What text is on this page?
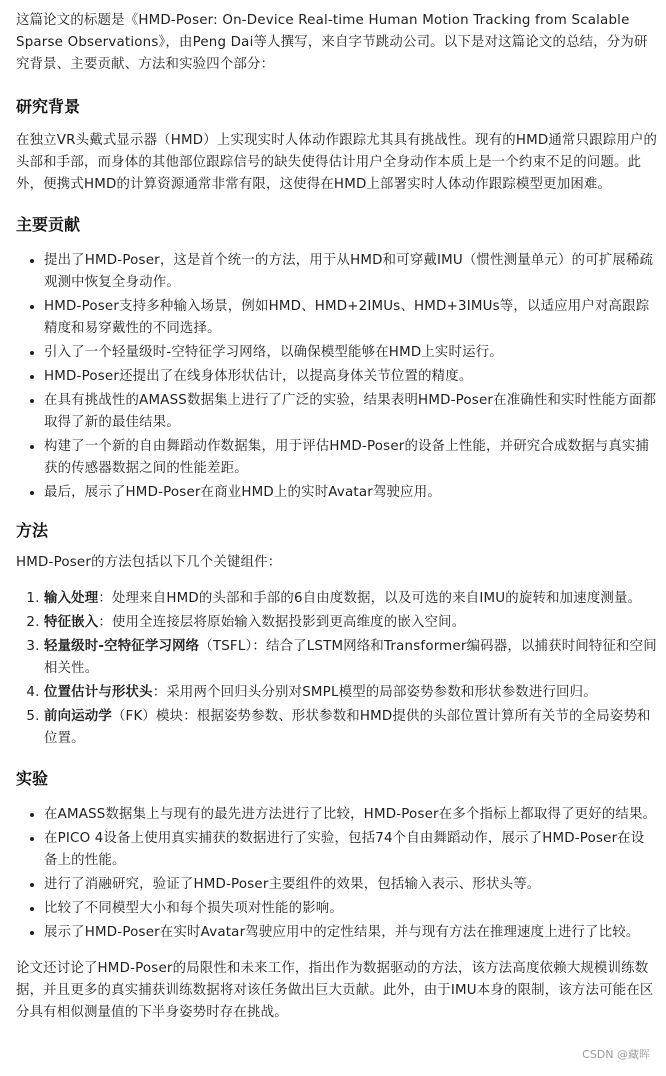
这篇论文的标题是《HMD-Poser: On-Device Real-time Human Motion Tracking from Scalable Sparse Observations》，由Peng Dai等人撰写，来自字节跳动公司。以下是对这篇论文的总结，分为研究背景、主要贡献、方法和实验四个部分：

研究背景

在独立VR头戴式显示器（HMD）上实现实时人体动作跟踪尤其具有挑战性。现有的HMD通常只跟踪用户的头部和手部，而身体的其他部位跟踪信号的缺失使得估计用户全身动作本质上是一个约束不足的问题。此外，便携式HMD的计算资源通常非常有限，这使得在HMD上部署实时人体动作跟踪模型更加困难。

主要贡献
• 提出了HMD-Poser，这是首个统一的方法，用于从HMD和可穿戴IMU（惯性测量单元）的可扩展稀疏观测中恢复全身动作。
• HMD-Poser支持多种输入场景，例如HMD、HMD+2IMUs、HMD+3IMUs等，以适应用户对高跟踪精度和易穿戴性的不同选择。
• 引入了一个轻量级时-空特征学习网络，以确保模型能够在HMD上实时运行。
• HMD-Poser还提出了在线身体形状估计，以提高身体关节位置的精度。
• 在具有挑战性的AMASS数据集上进行了广泛的实验，结果表明HMD-Poser在准确性和实时性能方面都取得了新的最佳结果。
• 构建了一个新的自由舞蹈动作数据集，用于评估HMD-Poser的设备上性能，并研究合成数据与真实捕获的传感器数据之间的性能差距。
• 最后，展示了HMD-Poser在商业HMD上的实时Avatar驾驶应用。
方法

HMD-Poser的方法包括以下几个关键组件：

1. 输入处理：处理来自HMD的头部和手部的6自由度数据，以及可选的来自IMU的旋转和加速度测量。
2. 特征嵌入：使用全连接层将原始输入数据投影到更高维度的嵌入空间。
3. 轻量级时-空特征学习网络（TSFL）：结合了LSTM网络和Transformer编码器，以捕获时间特征和空间相关性。
4. 位置估计与形状头：采用两个回归头分别对SMPL模型的局部姿势参数和形状参数进行回归。
5. 前向运动学（FK）模块：根据姿势参数、形状参数和HMD提供的头部位置计算所有关节的全局姿势和位置。
实验
• 在AMASS数据集上与现有的最先进方法进行了比较，HMD-Poser在多个指标上都取得了更好的结果。
• 在PICO 4设备上使用真实捕获的数据进行了实验，包括74个自由舞蹈动作，展示了HMD-Poser在设备上的性能。
• 进行了消融研究，验证了HMD-Poser主要组件的效果，包括输入表示、形状头等。
• 比较了不同模型大小和每个损失项对性能的影响。
• 展示了HMD-Poser在实时Avatar驾驶应用中的定性结果，并与现有方法在推理速度上进行了比较。

论文还讨论了HMD-Poser的局限性和未来工作，指出作为数据驱动的方法，该方法高度依赖大规模训练数据，并且更多的真实捕获训练数据将对该任务做出巨大贡献。此外，由于IMU本身的限制，该方法可能在区分具有相似测量值的下半身姿势时存在挑战。

CSDN @藏晖
